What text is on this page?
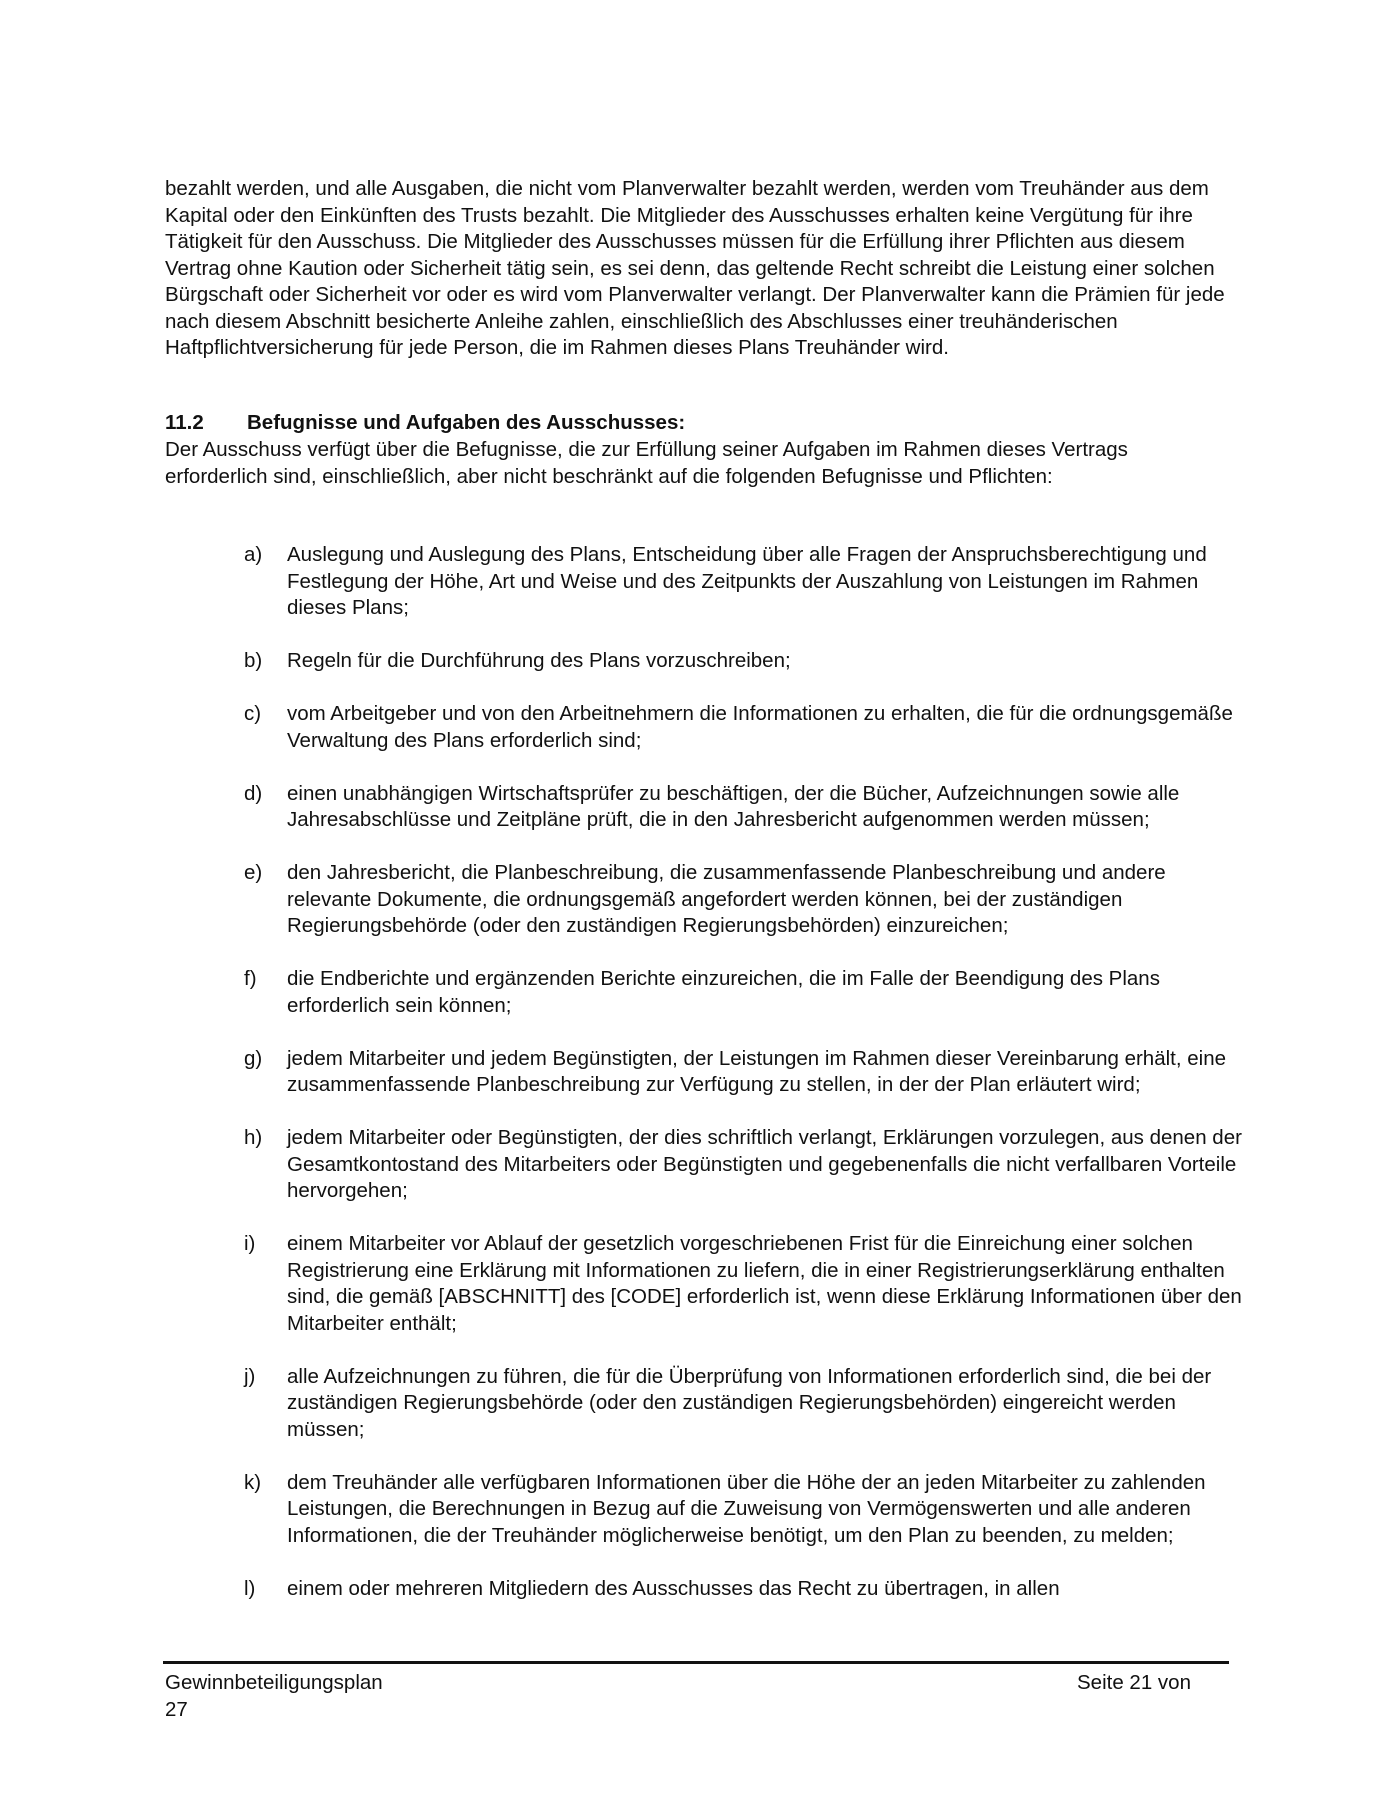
bezahlt werden, und alle Ausgaben, die nicht vom Planverwalter bezahlt werden, werden vom Treuhänder aus dem Kapital oder den Einkünften des Trusts bezahlt. Die Mitglieder des Ausschusses erhalten keine Vergütung für ihre Tätigkeit für den Ausschuss. Die Mitglieder des Ausschusses müssen für die Erfüllung ihrer Pflichten aus diesem Vertrag ohne Kaution oder Sicherheit tätig sein, es sei denn, das geltende Recht schreibt die Leistung einer solchen Bürgschaft oder Sicherheit vor oder es wird vom Planverwalter verlangt. Der Planverwalter kann die Prämien für jede nach diesem Abschnitt besicherte Anleihe zahlen, einschließlich des Abschlusses einer treuhänderischen Haftpflichtversicherung für jede Person, die im Rahmen dieses Plans Treuhänder wird.

11.2 Befugnisse und Aufgaben des Ausschusses:

Der Ausschuss verfügt über die Befugnisse, die zur Erfüllung seiner Aufgaben im Rahmen dieses Vertrags erforderlich sind, einschließlich, aber nicht beschränkt auf die folgenden Befugnisse und Pflichten:

a)	Auslegung und Auslegung des Plans, Entscheidung über alle Fragen der Anspruchsberechtigung und Festlegung der Höhe, Art und Weise und des Zeitpunkts der Auszahlung von Leistungen im Rahmen dieses Plans;
b)	Regeln für die Durchführung des Plans vorzuschreiben;
c)	vom Arbeitgeber und von den Arbeitnehmern die Informationen zu erhalten, die für die ordnungsgemäße Verwaltung des Plans erforderlich sind;
d)	einen unabhängigen Wirtschaftsprüfer zu beschäftigen, der die Bücher, Aufzeichnungen sowie alle Jahresabschlüsse und Zeitpläne prüft, die in den Jahresbericht aufgenommen werden müssen;
e)	den Jahresbericht, die Planbeschreibung, die zusammenfassende Planbeschreibung und andere relevante Dokumente, die ordnungsgemäß angefordert werden können, bei der zuständigen Regierungsbehörde (oder den zuständigen Regierungsbehörden) einzureichen;
f)	die Endberichte und ergänzenden Berichte einzureichen, die im Falle der Beendigung des Plans erforderlich sein können;
g)	jedem Mitarbeiter und jedem Begünstigten, der Leistungen im Rahmen dieser Vereinbarung erhält, eine zusammenfassende Planbeschreibung zur Verfügung zu stellen, in der der Plan erläutert wird;
h)	jedem Mitarbeiter oder Begünstigten, der dies schriftlich verlangt, Erklärungen vorzulegen, aus denen der Gesamtkontostand des Mitarbeiters oder Begünstigten und gegebenenfalls die nicht verfallbaren Vorteile hervorgehen;
i)	einem Mitarbeiter vor Ablauf der gesetzlich vorgeschriebenen Frist für die Einreichung einer solchen Registrierung eine Erklärung mit Informationen zu liefern, die in einer Registrierungserklärung enthalten sind, die gemäß [ABSCHNITT] des [CODE] erforderlich ist, wenn diese Erklärung Informationen über den Mitarbeiter enthält;
j)	alle Aufzeichnungen zu führen, die für die Überprüfung von Informationen erforderlich sind, die bei der zuständigen Regierungsbehörde (oder den zuständigen Regierungsbehörden) eingereicht werden müssen;
k)	dem Treuhänder alle verfügbaren Informationen über die Höhe der an jeden Mitarbeiter zu zahlenden Leistungen, die Berechnungen in Bezug auf die Zuweisung von Vermögenswerten und alle anderen Informationen, die der Treuhänder möglicherweise benötigt, um den Plan zu beenden, zu melden;
l)	einem oder mehreren Mitgliedern des Ausschusses das Recht zu übertragen, in allen
Gewinnbeteiligungsplan	Seite 21 von
27
